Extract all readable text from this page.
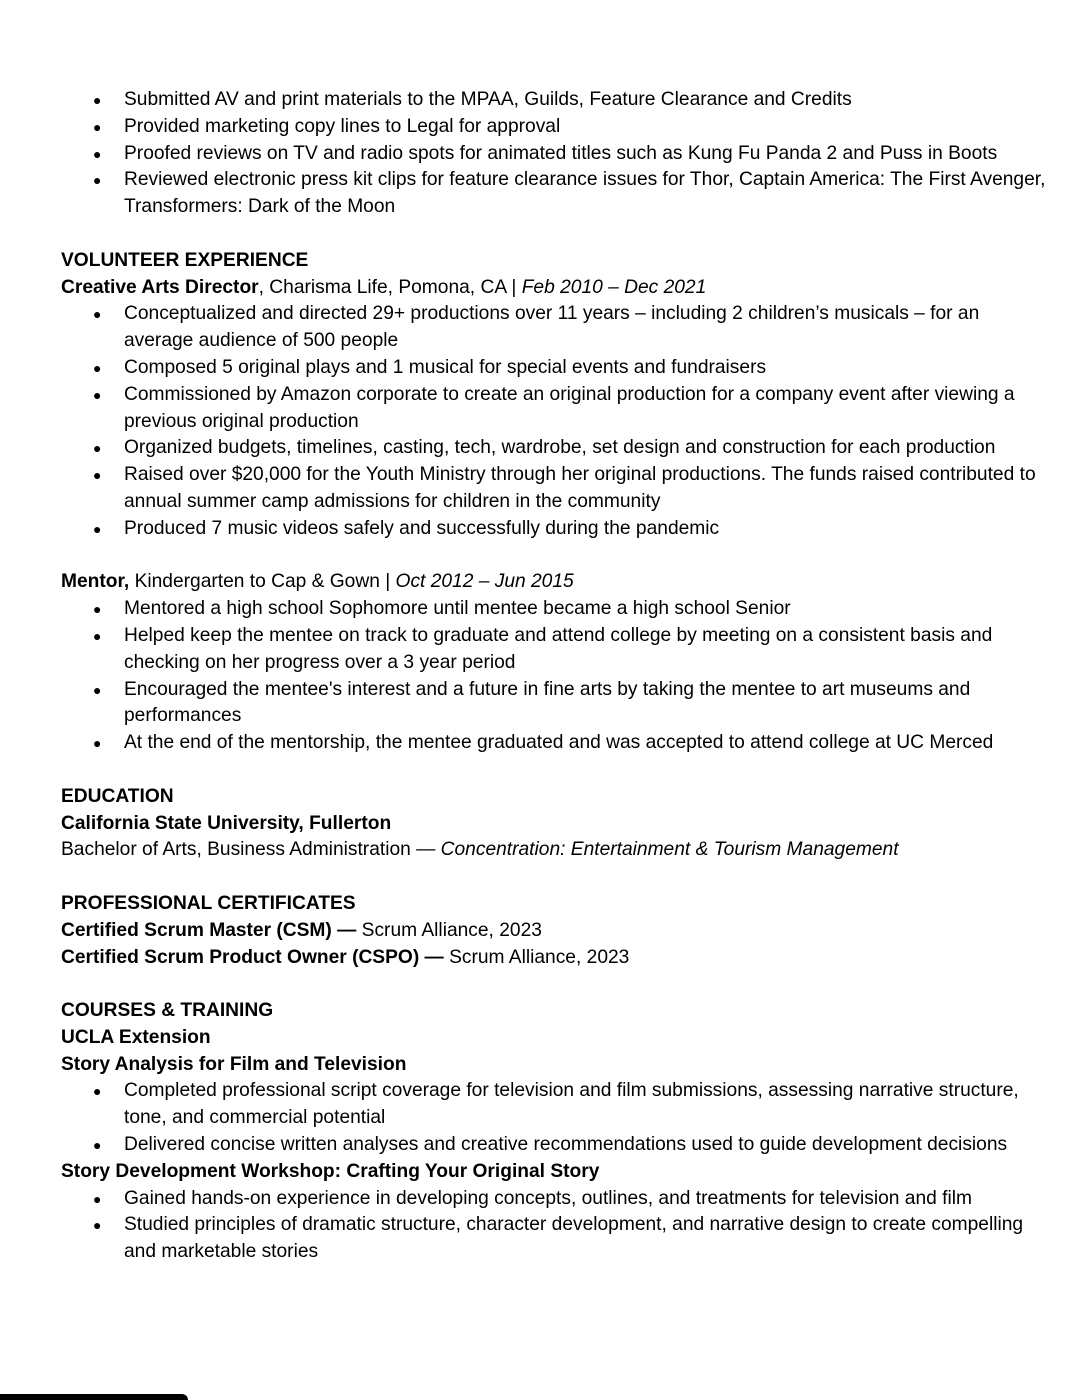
● Submitted AV and print materials to the MPAA, Guilds, Feature Clearance and Credits
● Provided marketing copy lines to Legal for approval
● Proofed reviews on TV and radio spots for animated titles such as Kung Fu Panda 2 and Puss in Boots
● Reviewed electronic press kit clips for feature clearance issues for Thor, Captain America: The First Avenger, Transformers: Dark of the Moon

VOLUNTEER EXPERIENCE

Creative Arts Director, Charisma Life, Pomona, CA | Feb 2010 – Dec 2021

● Conceptualized and directed 29+ productions over 11 years – including 2 children’s musicals – for an average audience of 500 people
● Composed 5 original plays and 1 musical for special events and fundraisers
● Commissioned by Amazon corporate to create an original production for a company event after viewing a previous original production
● Organized budgets, timelines, casting, tech, wardrobe, set design and construction for each production
● Raised over $20,000 for the Youth Ministry through her original productions. The funds raised contributed to annual summer camp admissions for children in the community
● Produced 7 music videos safely and successfully during the pandemic

Mentor, Kindergarten to Cap & Gown | Oct 2012 – Jun 2015

● Mentored a high school Sophomore until mentee became a high school Senior
● Helped keep the mentee on track to graduate and attend college by meeting on a consistent basis and checking on her progress over a 3 year period
● Encouraged the mentee's interest and a future in fine arts by taking the mentee to art museums and performances
● At the end of the mentorship, the mentee graduated and was accepted to attend college at UC Merced

EDUCATION

California State University, Fullerton

Bachelor of Arts, Business Administration — Concentration: Entertainment & Tourism Management

PROFESSIONAL CERTIFICATES

Certified Scrum Master (CSM) — Scrum Alliance, 2023

Certified Scrum Product Owner (CSPO) — Scrum Alliance, 2023

COURSES & TRAINING

UCLA Extension

Story Analysis for Film and Television

● Completed professional script coverage for television and film submissions, assessing narrative structure, tone, and commercial potential
● Delivered concise written analyses and creative recommendations used to guide development decisions

Story Development Workshop: Crafting Your Original Story

● Gained hands-on experience in developing concepts, outlines, and treatments for television and film
● Studied principles of dramatic structure, character development, and narrative design to create compelling and marketable stories
